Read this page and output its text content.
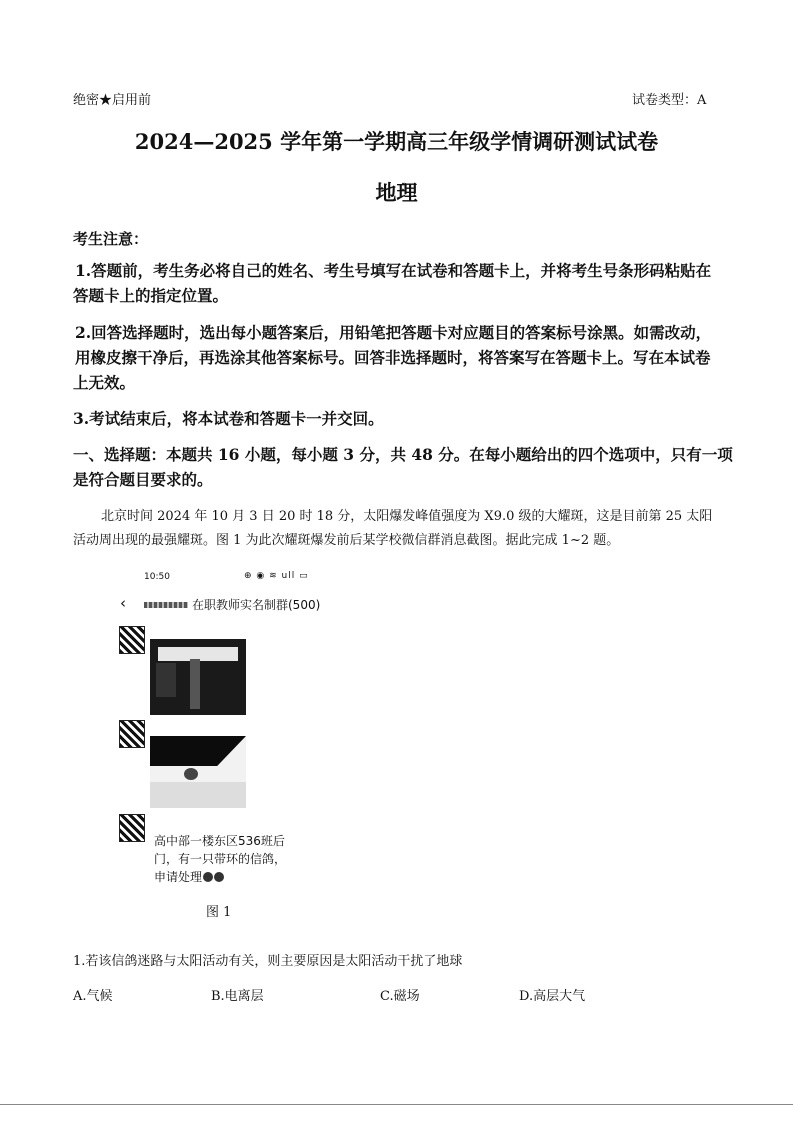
绝密★启用前	试卷类型：A
2024—2025 学年第一学期高三年级学情调研测试试卷
地理
考生注意：
1.答题前，考生务必将自己的姓名、考生号填写在试卷和答题卡上，并将考生号条形码粘贴在
答题卡上的指定位置。
2.回答选择题时，选出每小题答案后，用铅笔把答题卡对应题目的答案标号涂黑。如需改动，
用橡皮擦干净后，再选涂其他答案标号。回答非选择题时，将答案写在答题卡上。写在本试卷
上无效。
3.考试结束后，将本试卷和答题卡一并交回。
一、选择题：本题共 16 小题，每小题 3 分，共 48 分。在每小题给出的四个选项中，只有一项
是符合题目要求的。
北京时间 2024 年 10 月 3 日 20 时 18 分，太阳爆发峰值强度为 X9.0 级的大耀斑，这是目前第 25 太阳
活动周出现的最强耀斑。图 1 为此次耀斑爆发前后某学校微信群消息截图。据此完成 1~2 题。
10:50	⊕ ◉ ≋ ull ▭
‹	在职教师实名制群(500)
高中部一楼东区536班后
门，有一只带环的信鸽，
申请处理
图 1
1.若该信鸽迷路与太阳活动有关，则主要原因是太阳活动干扰了地球
A.气候	B.电离层	C.磁场	D.高层大气
